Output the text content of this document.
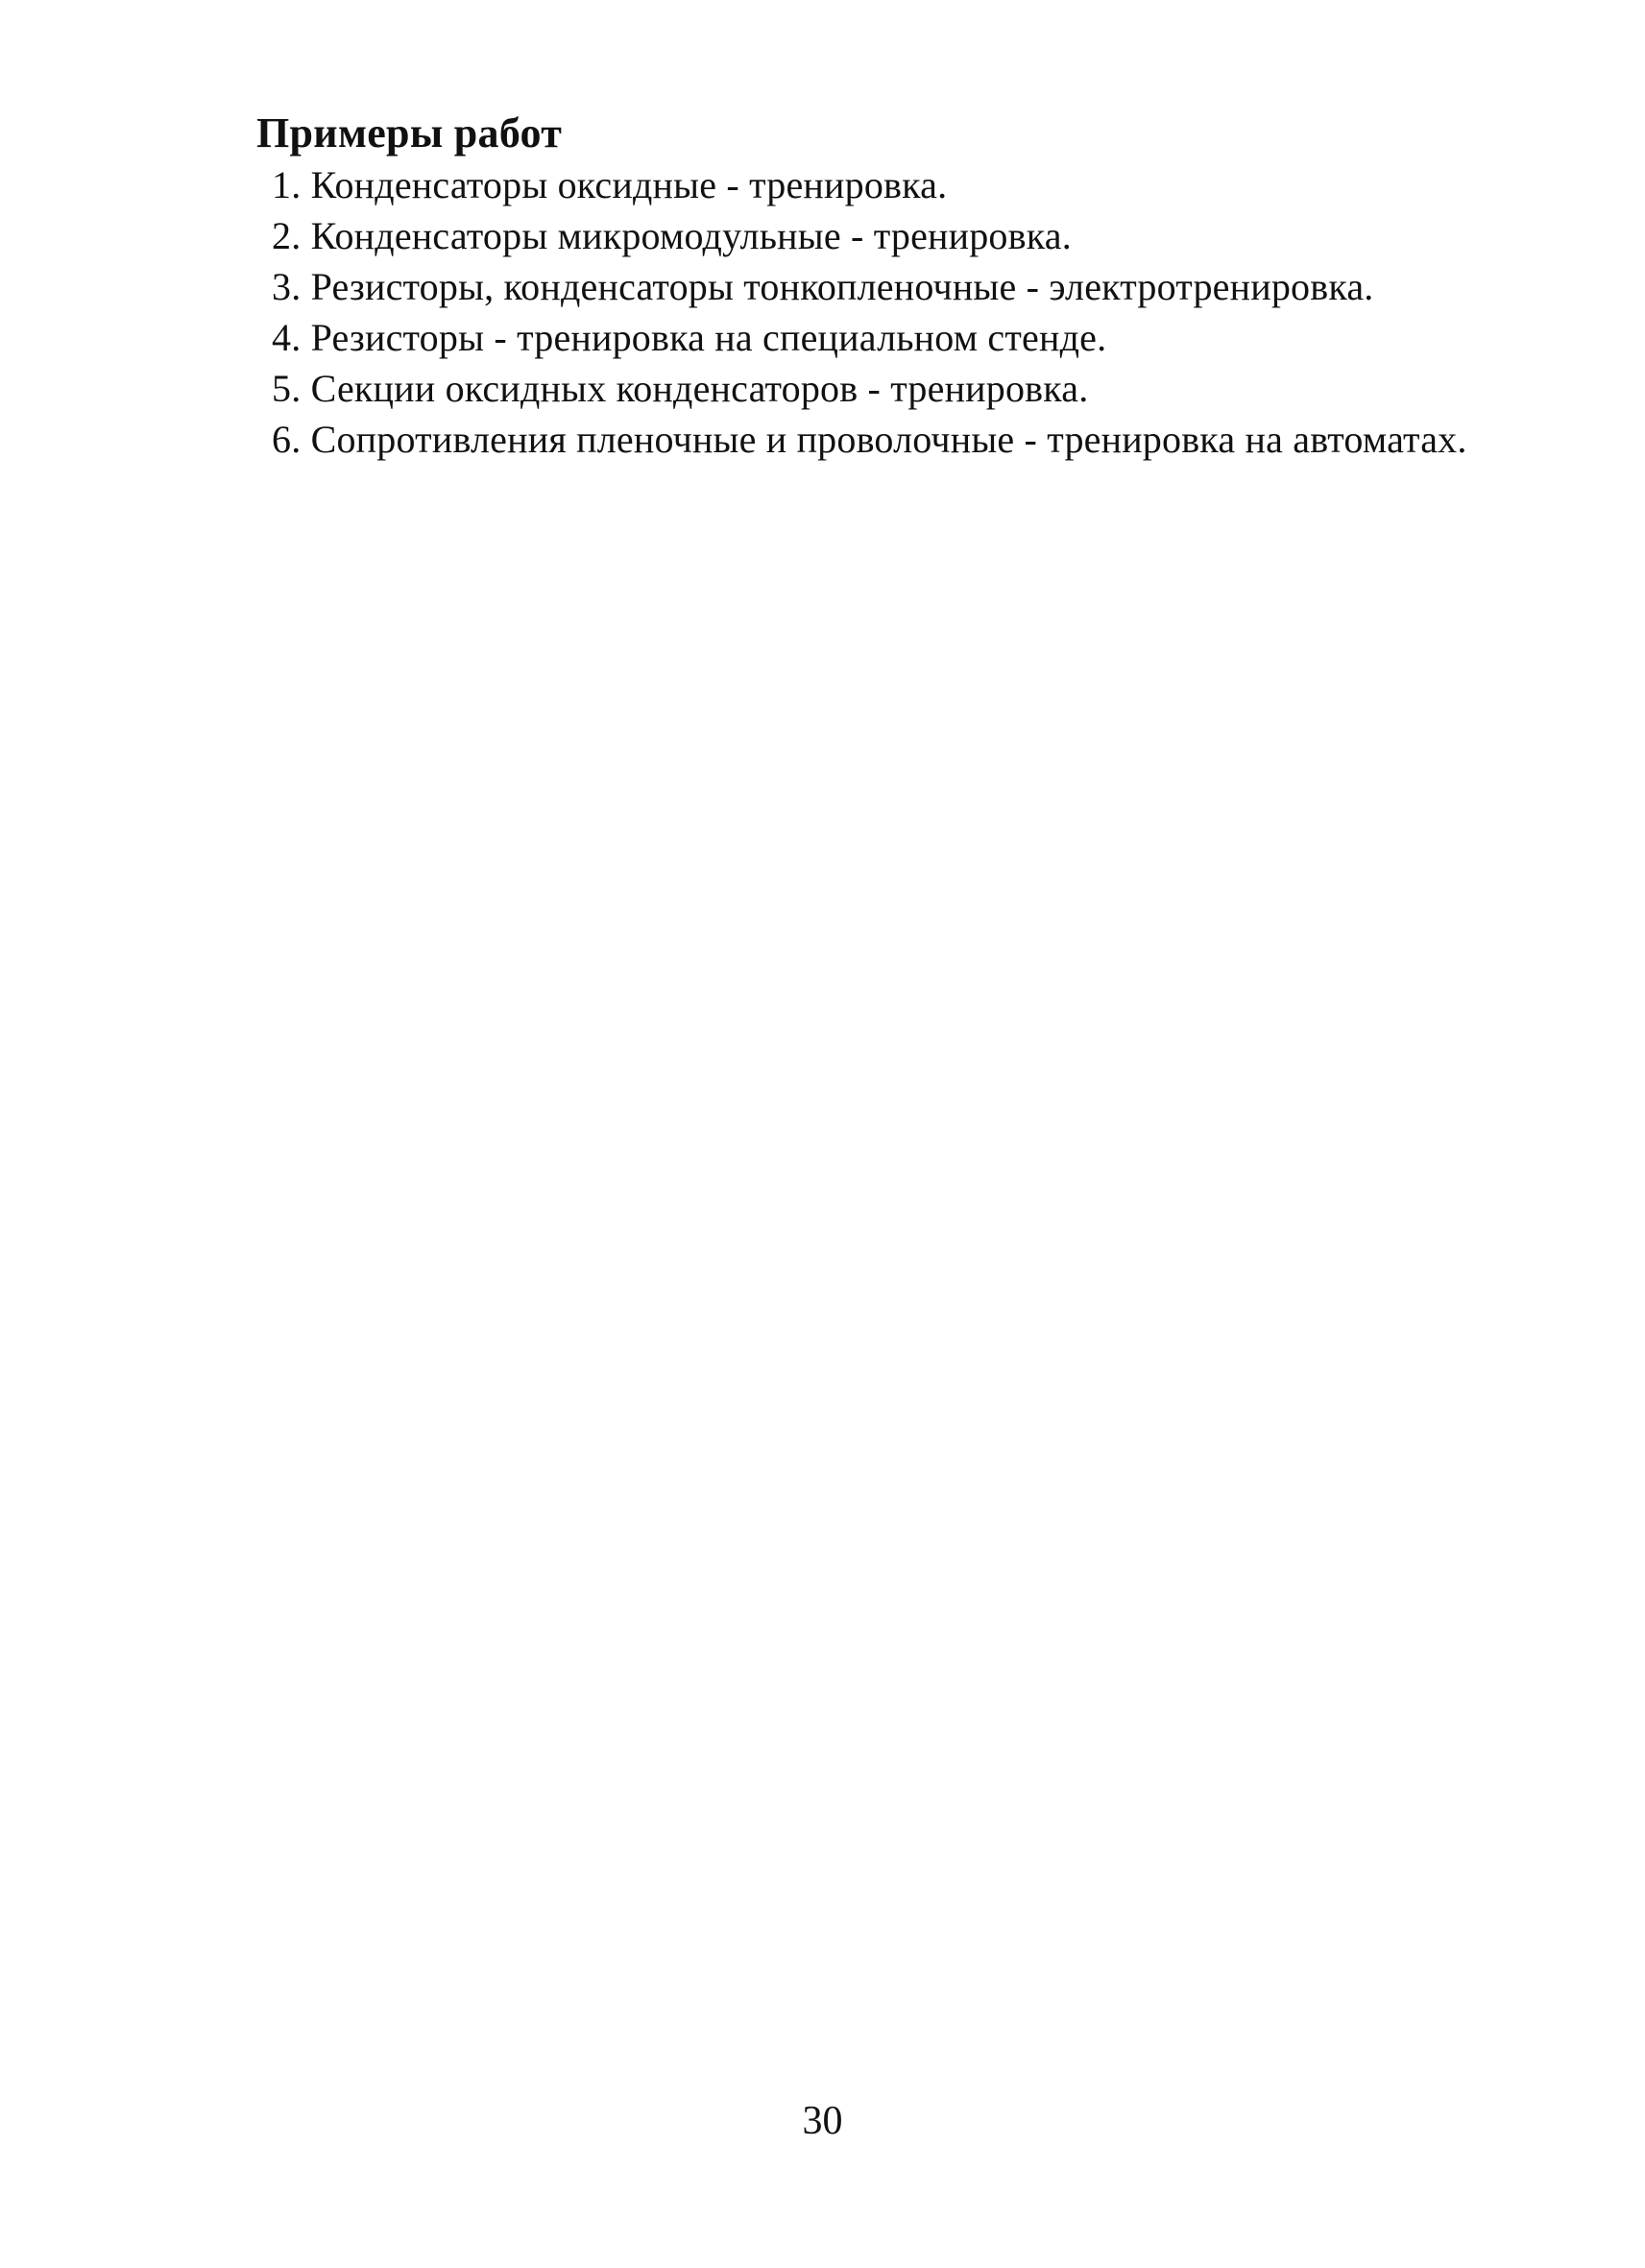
Примеры работ

1. Конденсаторы оксидные - тренировка.

2. Конденсаторы микромодульные - тренировка.

3. Резисторы, конденсаторы тонкопленочные - электротренировка.

4. Резисторы - тренировка на специальном стенде.

5. Секции оксидных конденсаторов - тренировка.

6. Сопротивления пленочные и проволочные - тренировка на автоматах.

30
